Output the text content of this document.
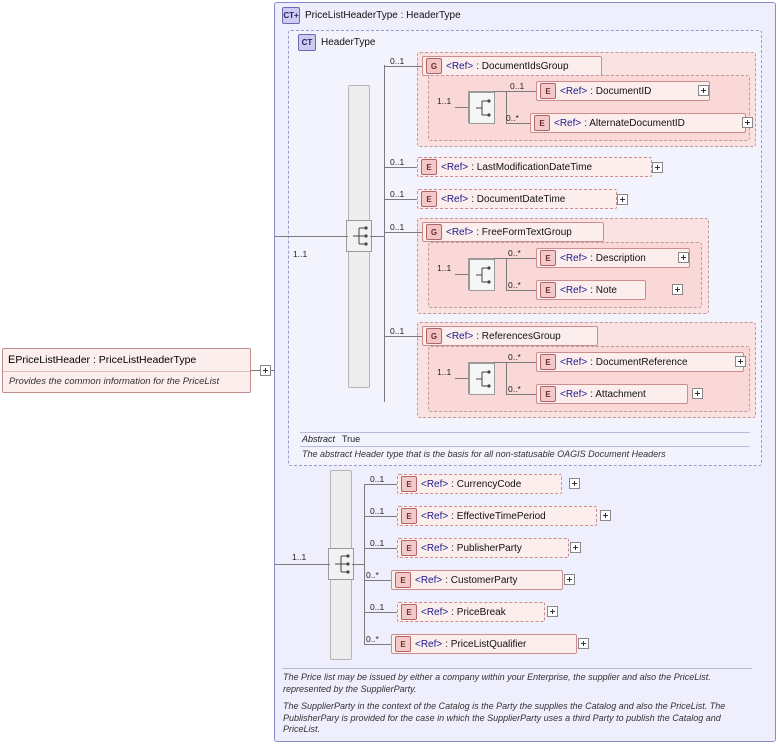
CT+ PriceListHeaderType : HeaderType
CT HeaderType
E PriceListHeader : PriceListHeaderType
Provides the common information for the PriceList
1..1
G <Ref> : DocumentIdsGroup
0..1
1..1
E <Ref> : DocumentID
0..1
E <Ref> : AlternateDocumentID
0..*
E <Ref> : LastModificationDateTime
0..1
E <Ref> : DocumentDateTime
0..1
G <Ref> : FreeFormTextGroup
0..1
1..1
E <Ref> : Description
0..*
E <Ref> : Note
0..*
G <Ref> : ReferencesGroup
0..1
1..1
E <Ref> : DocumentReference
0..*
E <Ref> : Attachment
0..*
Abstract True
The abstract Header type that is the basis for all non-statusable OAGIS Document Headers
1..1
E <Ref> : CurrencyCode
0..1
E <Ref> : EffectiveTimePeriod
0..1
E <Ref> : PublisherParty
0..1
E <Ref> : CustomerParty
0..*
E <Ref> : PriceBreak
0..1
E <Ref> : PriceListQualifier
0..*
The Price list may be issued by either a company within your Enterprise, the supplier and also the PriceList. represented by the SupplierParty.
The SupplierParty in the context of the Catalog is the Party the supplies the Catalog and also the PriceList. The PublisherPary is provided for the case in which the SupplierParty uses a third Party to publish the Catalog and PriceList.
